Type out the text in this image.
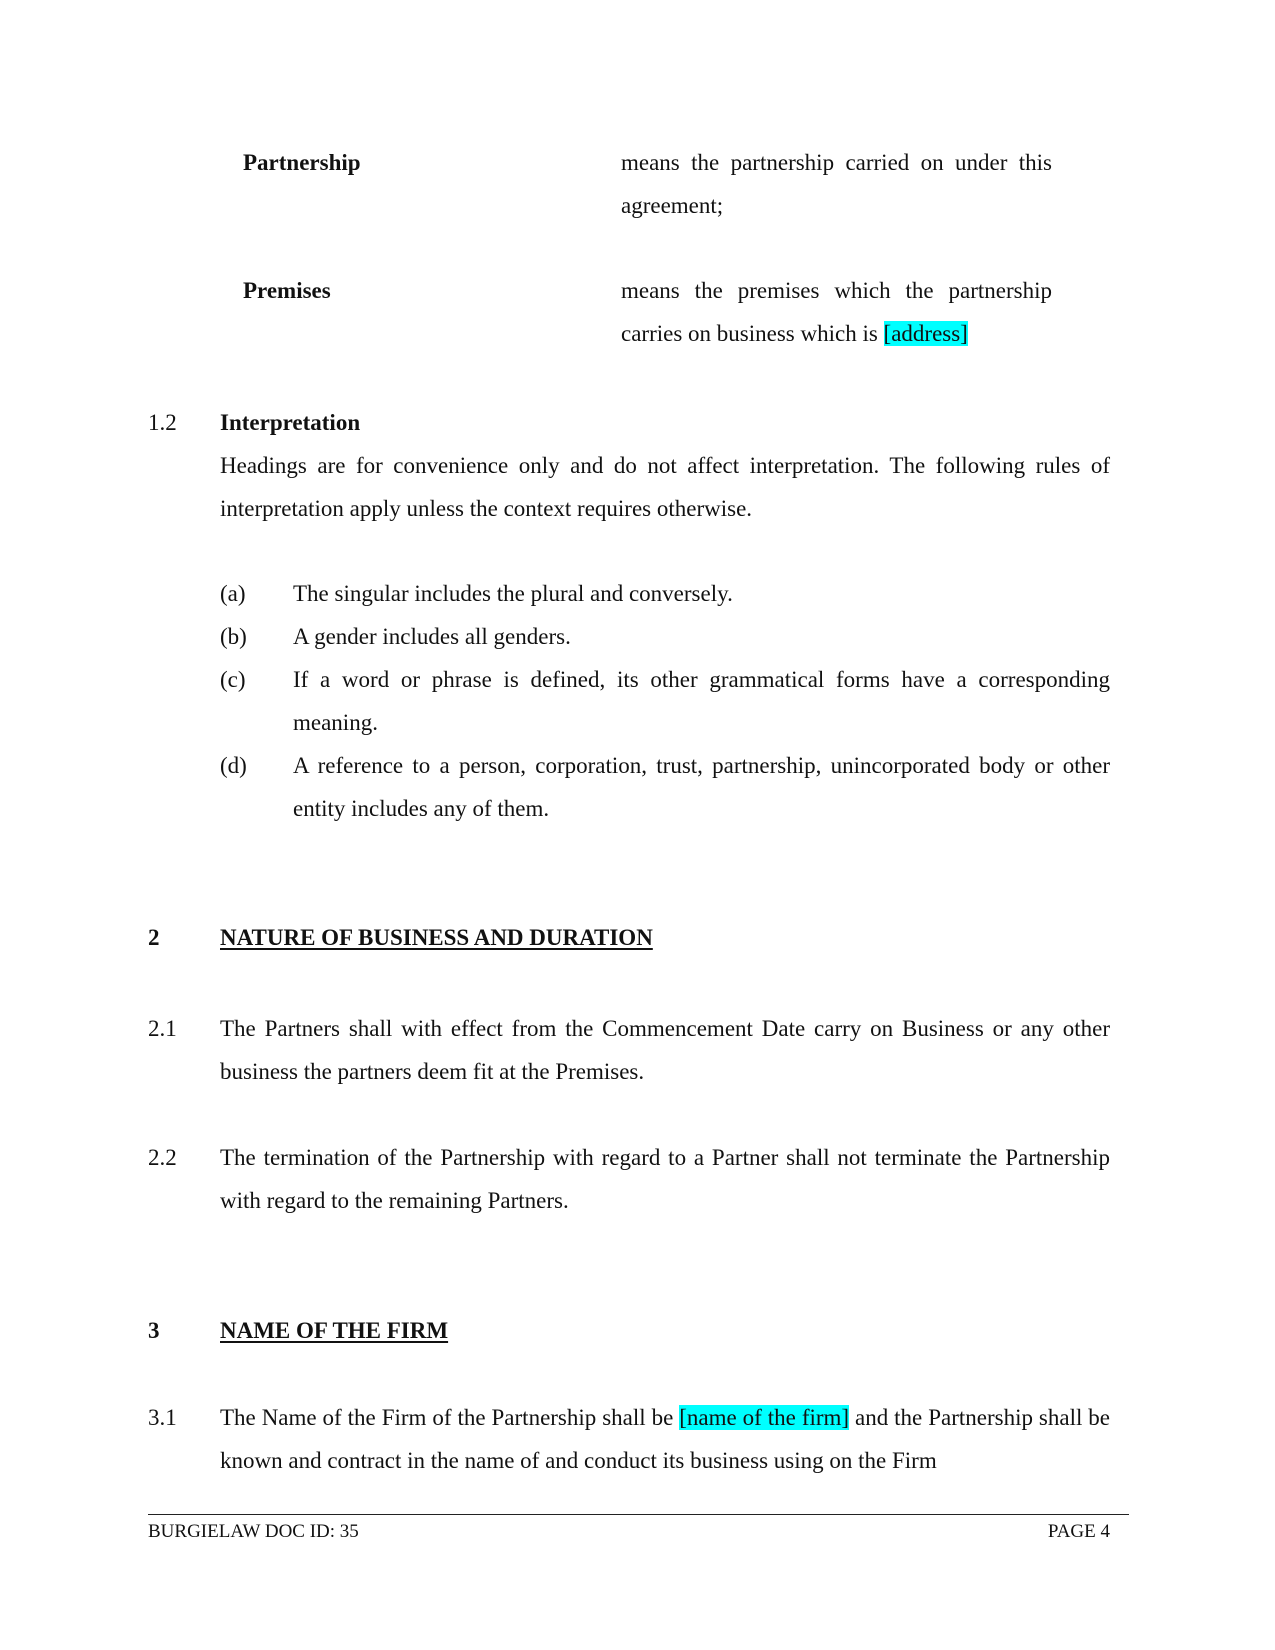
Partnership	means the partnership carried on under this agreement;
Premises	means the premises which the partnership carries on business which is [address]
1.2 Interpretation
Headings are for convenience only and do not affect interpretation. The following rules of interpretation apply unless the context requires otherwise.
(a) The singular includes the plural and conversely.
(b) A gender includes all genders.
(c) If a word or phrase is defined, its other grammatical forms have a corresponding meaning.
(d) A reference to a person, corporation, trust, partnership, unincorporated body or other entity includes any of them.
2	NATURE OF BUSINESS AND DURATION
2.1 The Partners shall with effect from the Commencement Date carry on Business or any other business the partners deem fit at the Premises.
2.2 The termination of the Partnership with regard to a Partner shall not terminate the Partnership with regard to the remaining Partners.
3	NAME OF THE FIRM
3.1 The Name of the Firm of the Partnership shall be [name of the firm] and the Partnership shall be known and contract in the name of and conduct its business using on the Firm
BURGIELAW DOC ID: 35	PAGE 4
